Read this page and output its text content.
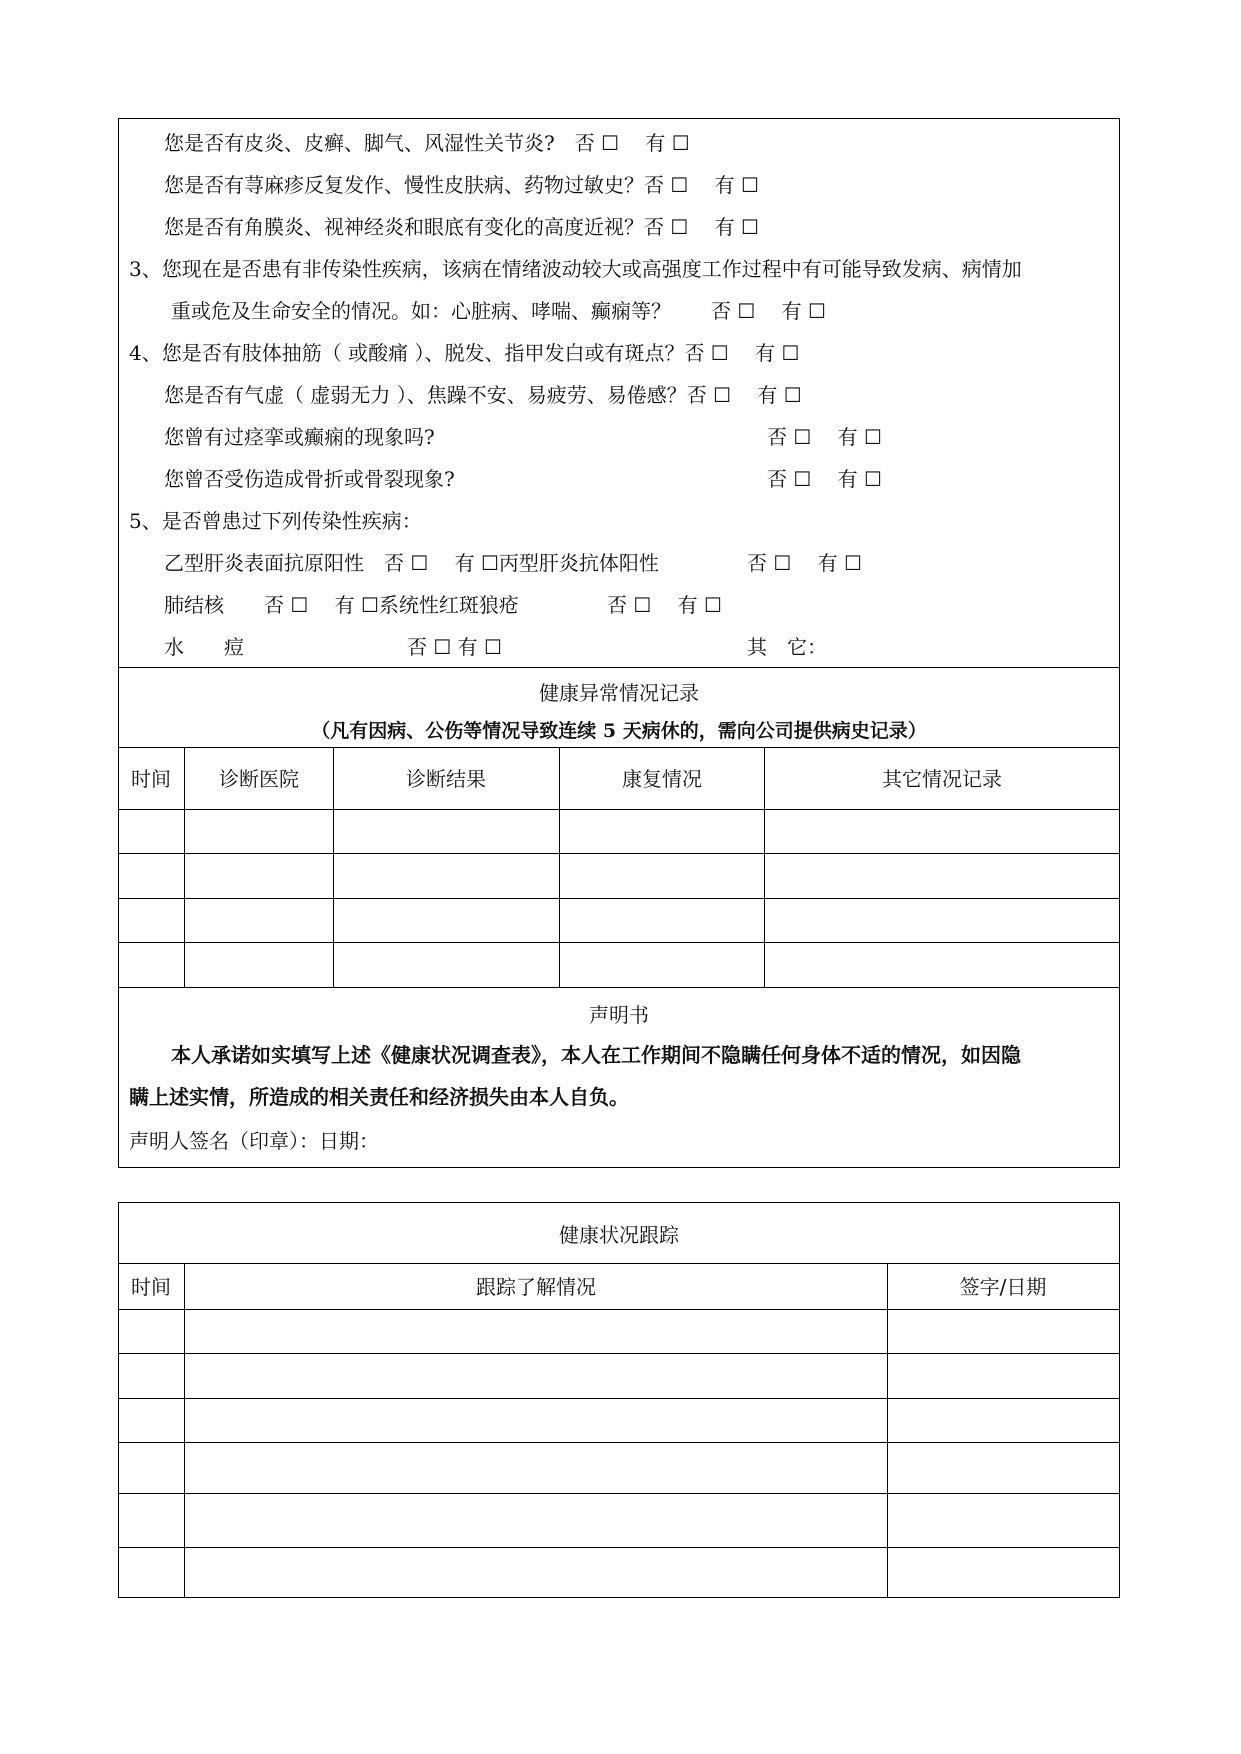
您是否有皮炎、皮癣、脚气、风湿性关节炎?　否 ☐　 有 ☐
您是否有荨麻疹反复发作、慢性皮肤病、药物过敏史？否 ☐　 有 ☐
您是否有角膜炎、视神经炎和眼底有变化的高度近视？否 ☐　 有 ☐
3、您现在是否患有非传染性疾病，该病在情绪波动较大或高强度工作过程中有可能导致发病、病情加
重或危及生命安全的情况。如：心脏病、哮喘、癫痫等？　　否 ☐　 有 ☐
4、您是否有肢体抽筋（ 或酸痛 ）、脱发、指甲发白或有斑点？否 ☐　 有 ☐
您是否有气虚（ 虚弱无力 ）、焦躁不安、易疲劳、易倦感？否 ☐　 有 ☐
您曾有过痉挛或癫痫的现象吗?	否 ☐　 有 ☐
您曾否受伤造成骨折或骨裂现象?	否 ☐　 有 ☐
5、是否曾患过下列传染性疾病：
乙型肝炎表面抗原阳性　否 ☐　 有 ☐丙型肝炎抗体阳性	否 ☐　 有 ☐
肺结核　　否 ☐　 有 ☐系统性红斑狼疮	否 ☐　 有 ☐
水　　痘	否 ☐ 有 ☐	其　它：
健康异常情况记录
（凡有因病、公伤等情况导致连续 5 天病休的，需向公司提供病史记录）
时间 诊断医院	诊断结果	康复情况	其它情况记录
声明书
本人承诺如实填写上述《健康状况调查表》，本人在工作期间不隐瞒任何身体不适的情况，如因隐
瞒上述实情，所造成的相关责任和经济损失由本人自负。
声明人签名（印章）：日期：
健康状况跟踪
时间	跟踪了解情况	签字/日期
